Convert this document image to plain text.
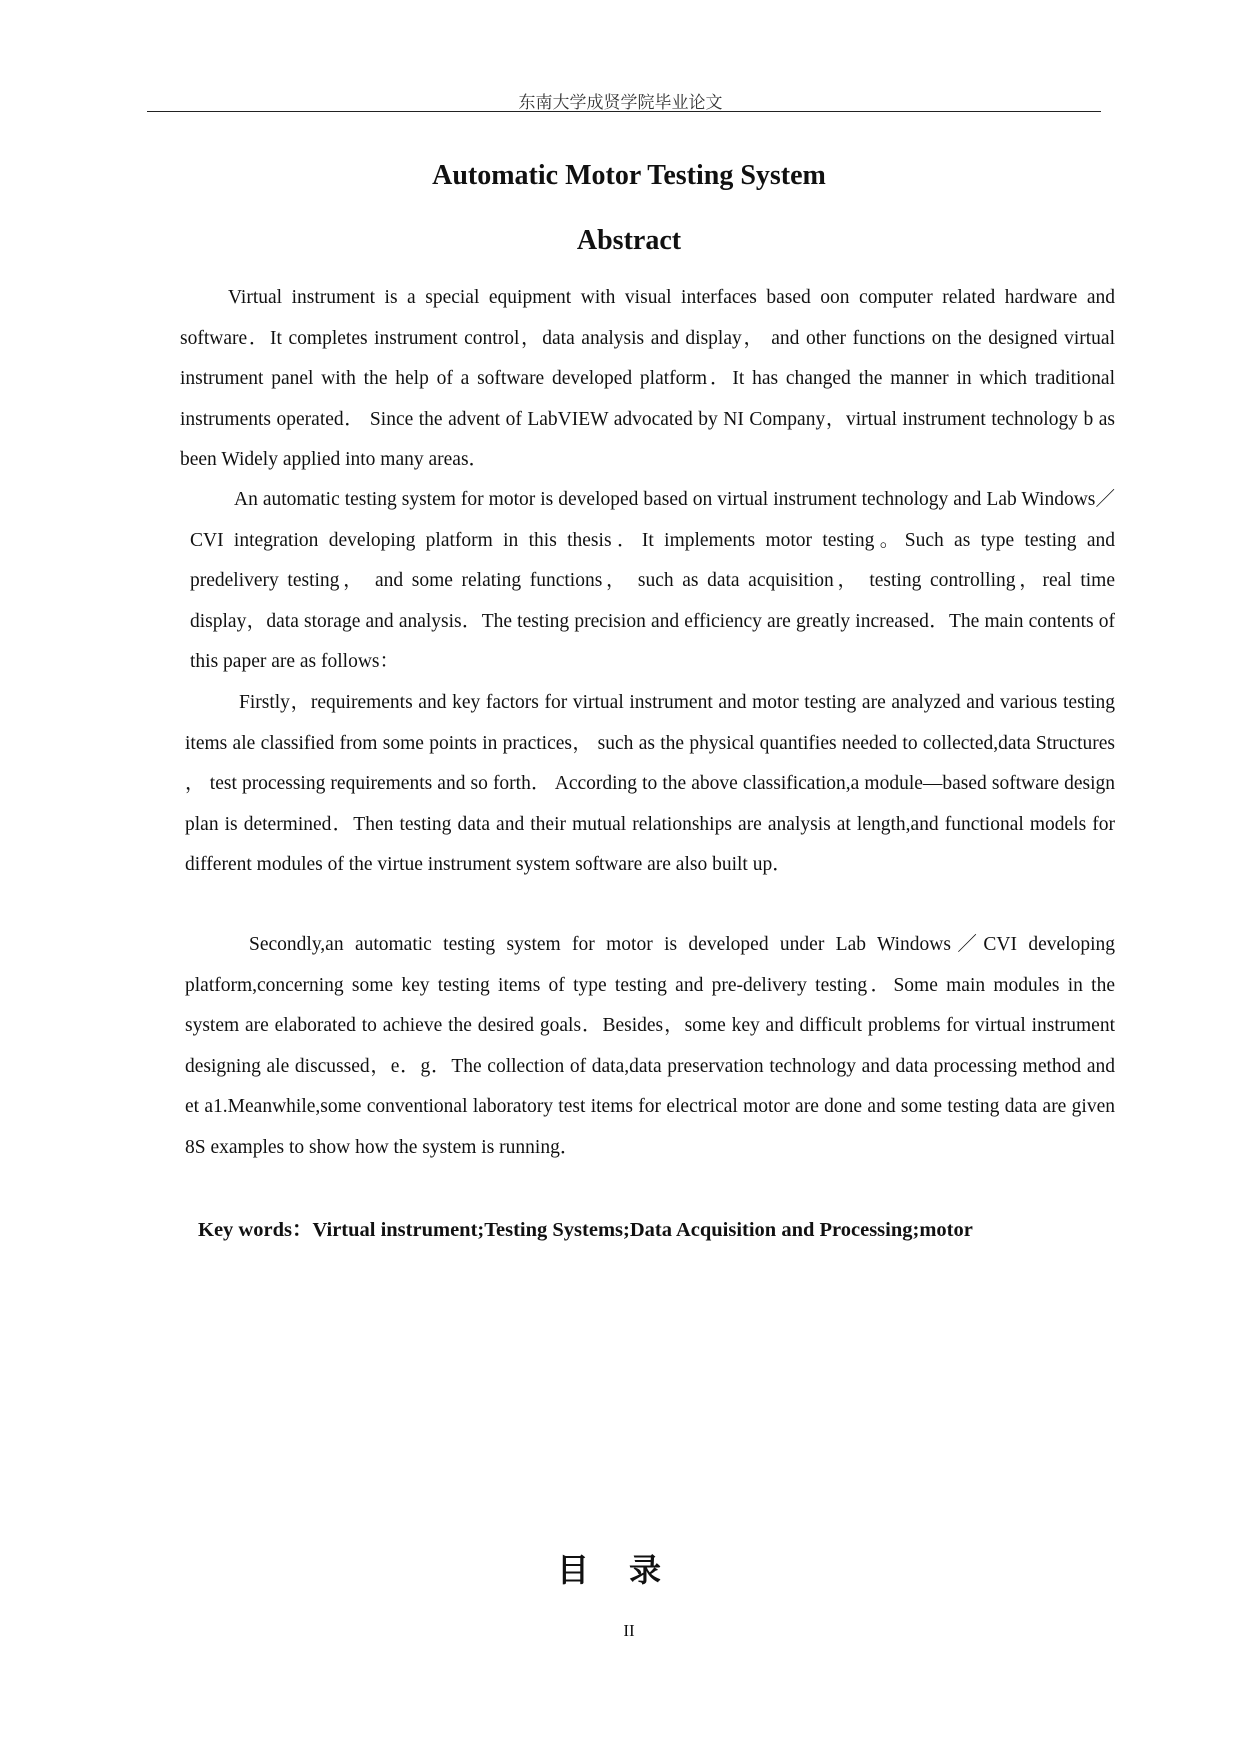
东南大学成贤学院毕业论文
Automatic Motor Testing System
Abstract

Virtual instrument is a special equipment with visual interfaces based oon computer related hardware and software．It completes instrument control，data analysis and display， and other functions on the designed virtual instrument panel with the help of a software developed platform．It has changed the manner in which traditional instruments operated． Since the advent of LabVIEW advocated by NI Company，virtual instrument technology b as been Widely applied into many areas．

An automatic testing system for motor is developed based on virtual instrument technology and Lab Windows／CVI integration developing platform in this thesis．It implements motor testing。Such as type testing and predelivery testing， and some relating functions， such as data acquisition， testing controlling，real time display，data storage and analysis．The testing precision and efficiency are greatly increased．The main contents of this paper are as follows：

Firstly，requirements and key factors for virtual instrument and motor testing are analyzed and various testing items ale classified from some points in practices， such as the physical quantifies needed to collected,data Structures ， test processing requirements and so forth． According to the above classification,a module—based software design plan is determined．Then testing data and their mutual relationships are analysis at length,and functional models for different modules of the virtue instrument system software are also built up．

Secondly,an automatic testing system for motor is developed under Lab Windows／CVI developing platform,concerning some key testing items of type testing and pre-delivery testing．Some main modules in the system are elaborated to achieve the desired goals．Besides，some key and difficult problems for virtual instrument designing ale discussed，e．g．The collection of data,data preservation technology and data processing method and et a1.Meanwhile,some conventional laboratory test items for electrical motor are done and some testing data are given 8S examples to show how the system is running．

Key words：Virtual instrument;Testing Systems;Data Acquisition and Processing;motor

目录
II
